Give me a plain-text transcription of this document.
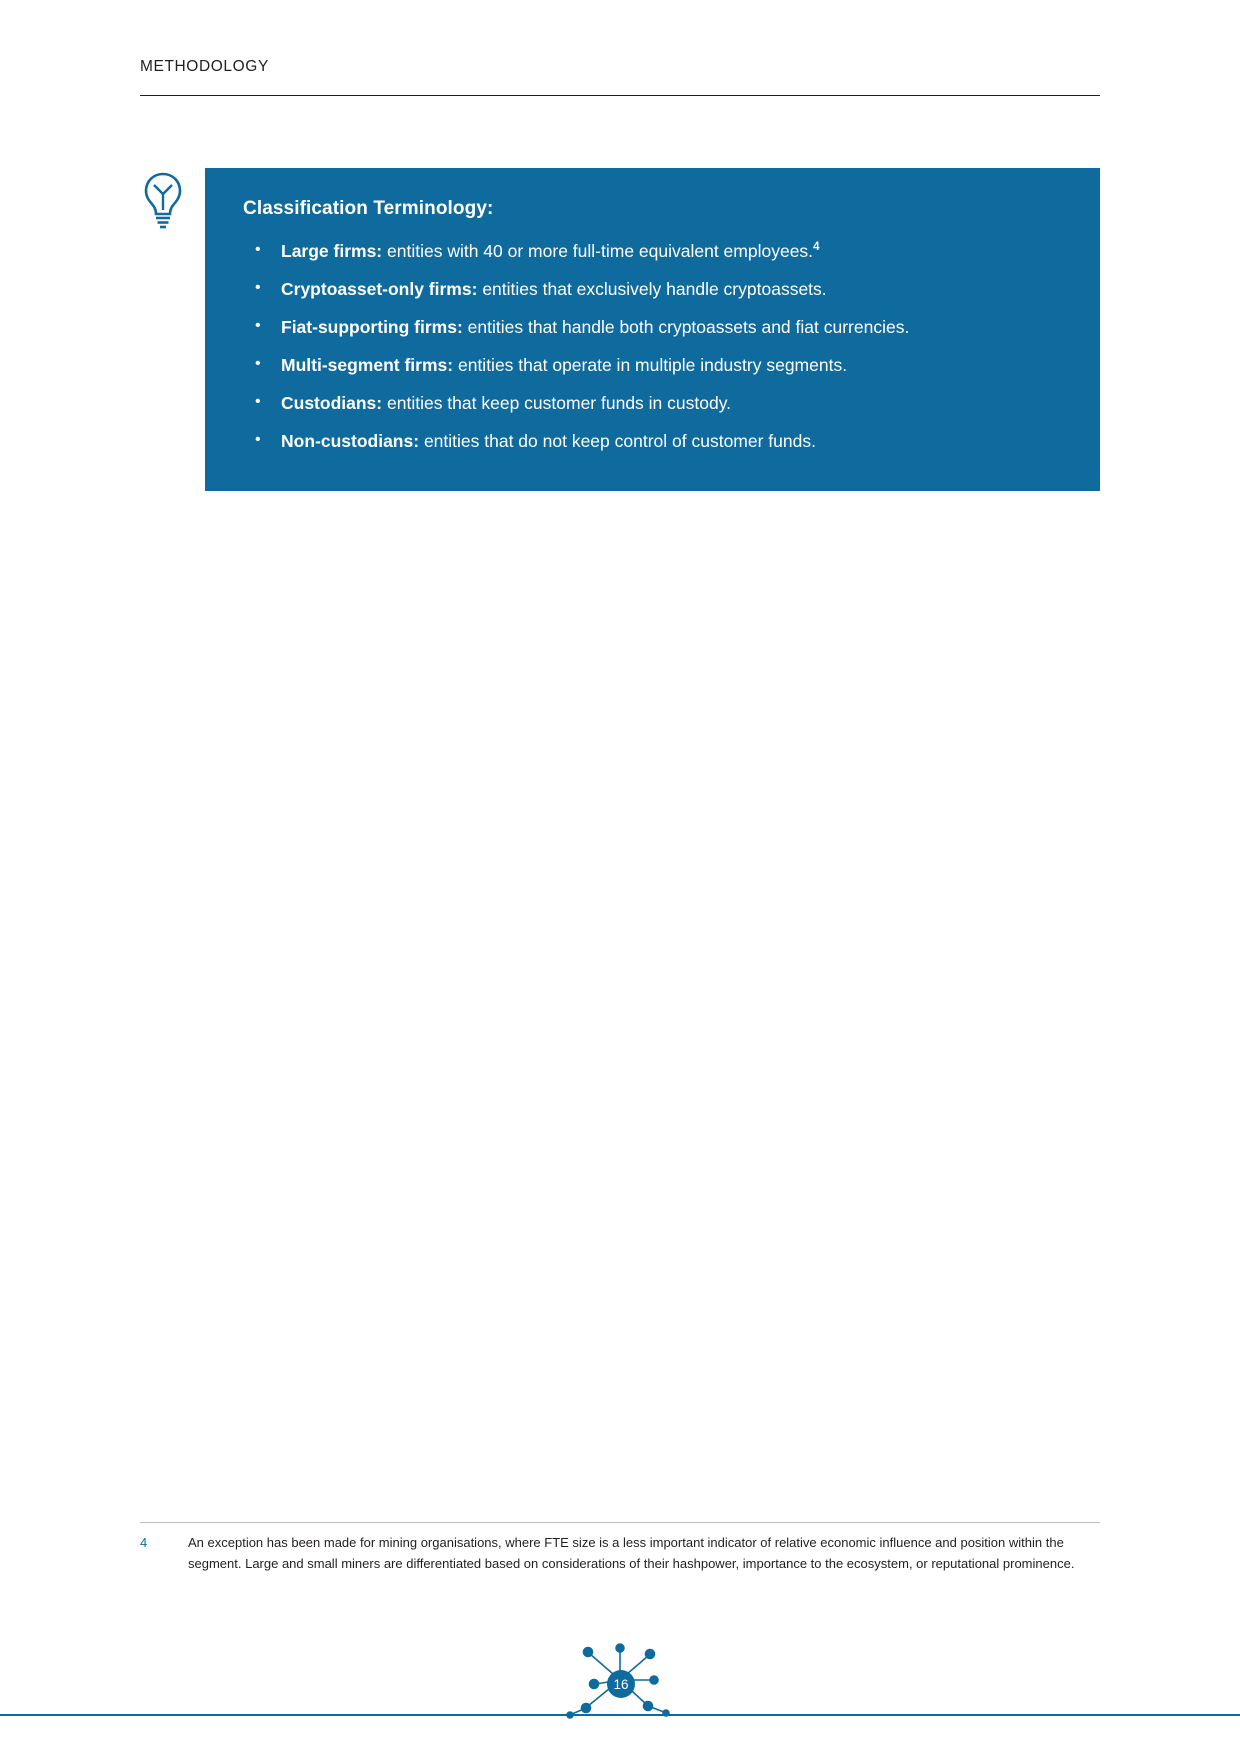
METHODOLOGY
Classification Terminology:
• Large firms: entities with 40 or more full-time equivalent employees.$^4$
• Cryptoasset-only firms: entities that exclusively handle cryptoassets.
• Fiat-supporting firms: entities that handle both cryptoassets and fiat currencies.
• Multi-segment firms: entities that operate in multiple industry segments.
• Custodians: entities that keep customer funds in custody.
• Non-custodians: entities that do not keep control of customer funds.
4	An exception has been made for mining organisations, where FTE size is a less important indicator of relative economic influence and position within the segment. Large and small miners are differentiated based on considerations of their hashpower, importance to the ecosystem, or reputational prominence.
16
